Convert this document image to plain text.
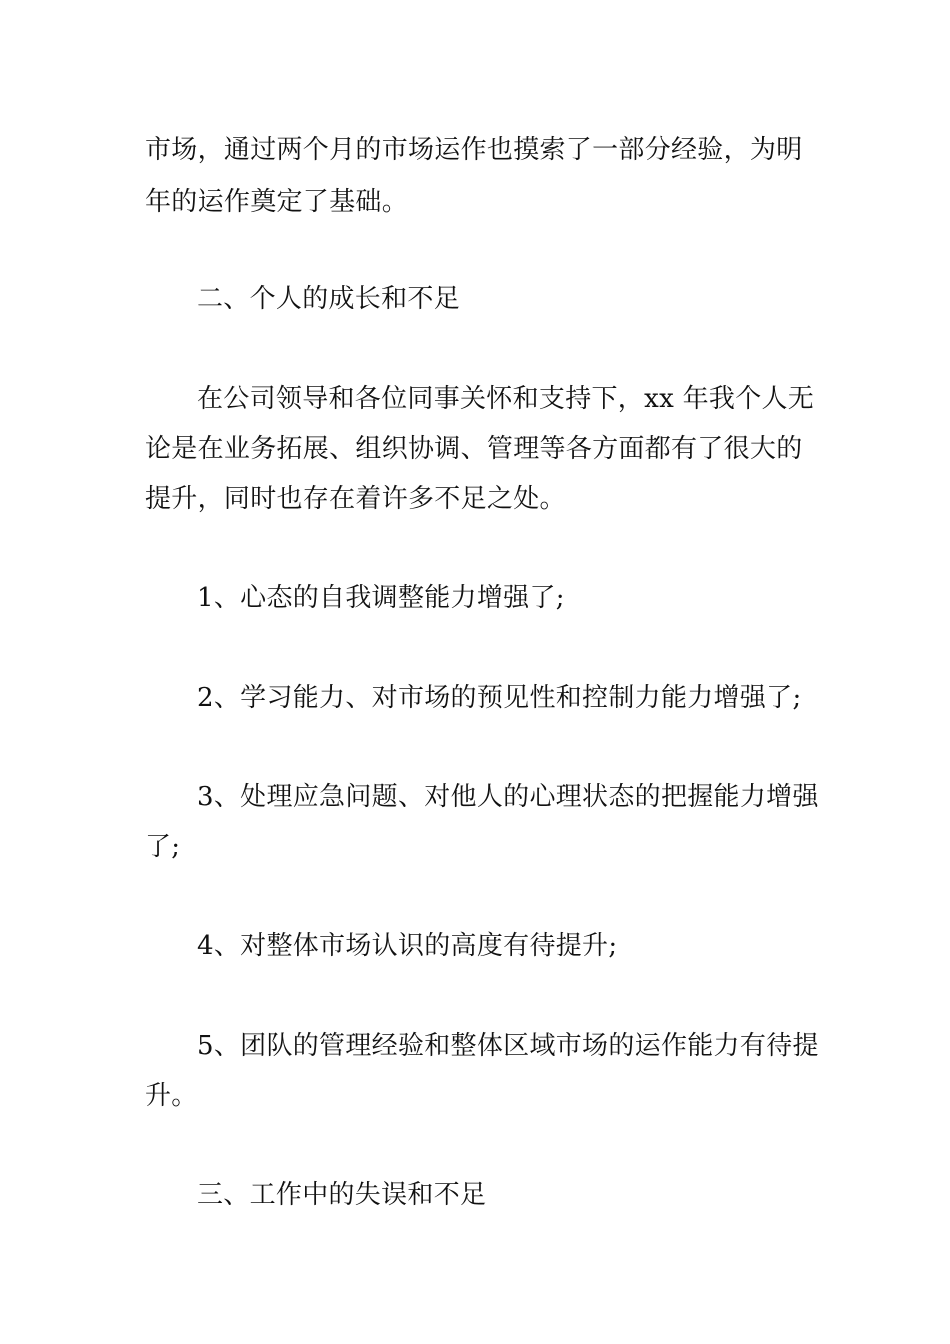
市场，通过两个月的市场运作也摸索了一部分经验，为明
年的运作奠定了基础。
二、个人的成长和不足
在公司领导和各位同事关怀和支持下，xx 年我个人无
论是在业务拓展、组织协调、管理等各方面都有了很大的
提升，同时也存在着许多不足之处。
1、心态的自我调整能力增强了;
2、学习能力、对市场的预见性和控制力能力增强了;
3、处理应急问题、对他人的心理状态的把握能力增强
了;
4、对整体市场认识的高度有待提升;
5、团队的管理经验和整体区域市场的运作能力有待提
升。
三、工作中的失误和不足
